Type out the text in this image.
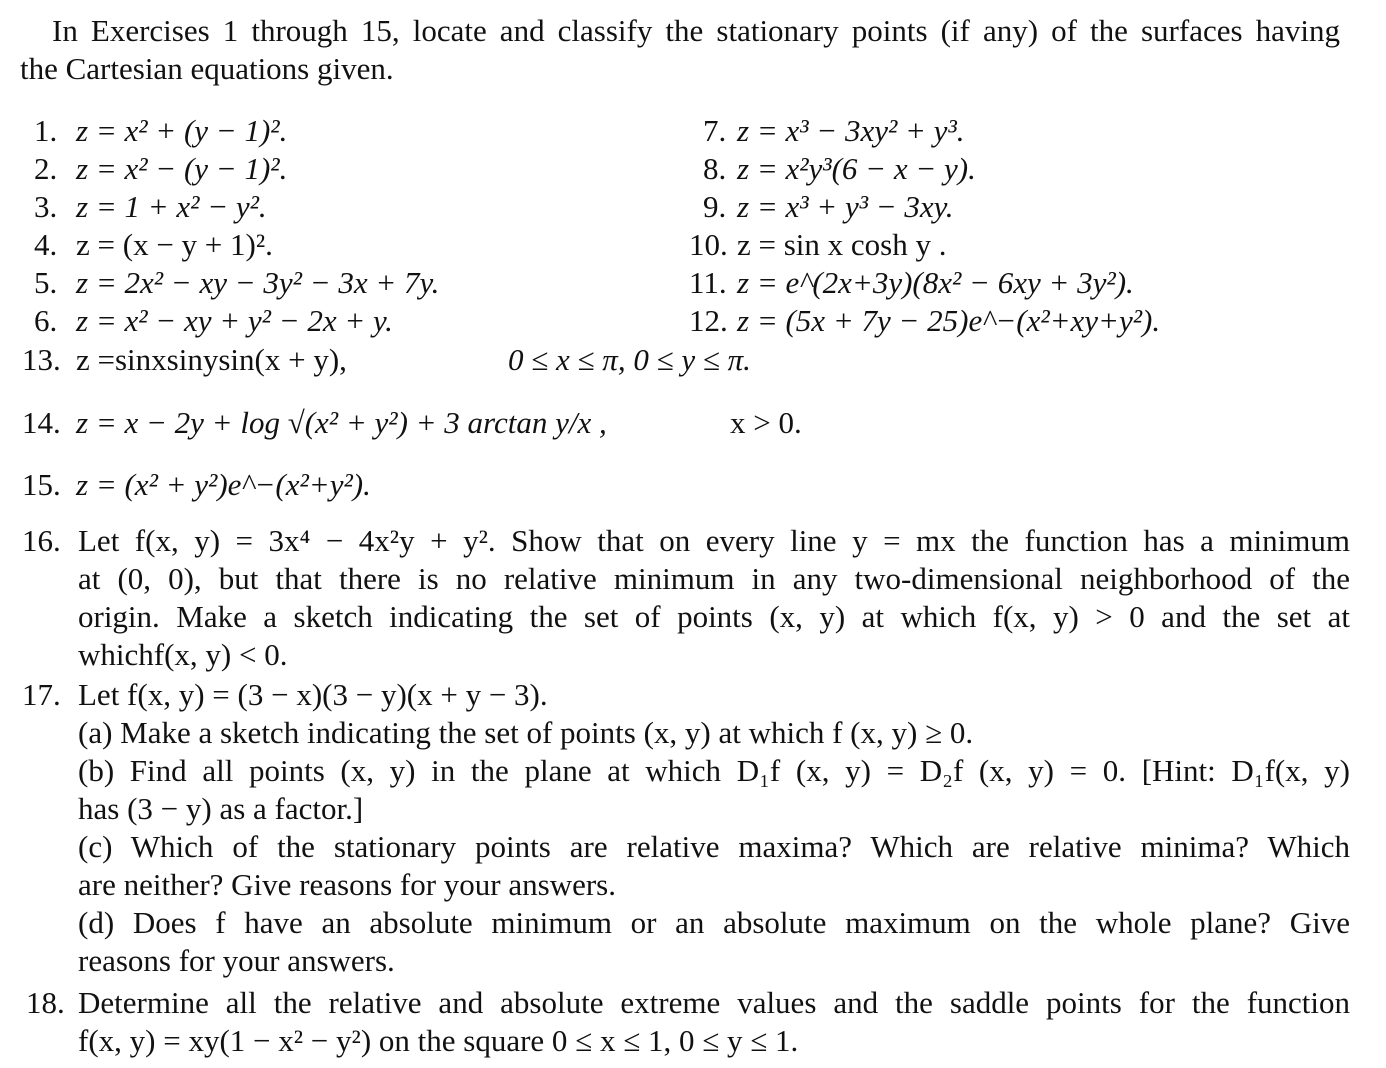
In Exercises 1 through 15, locate and classify the stationary points (if any) of the surfaces having
the Cartesian equations given.
1. z = x² + (y − 1)².
2. z = x² − (y − 1)².
3. z = 1 + x² − y².
4. z = (x − y + 1)².
5. z = 2x² − xy − 3y² − 3x + 7y.
6. z = x² − xy + y² − 2x + y.
7. z = x³ − 3xy² + y³.
8. z = x²y³(6 − x − y).
9. z = x³ + y³ − 3xy.
10. z = sin x cosh y .
11. z = e^(2x+3y)(8x² − 6xy + 3y²).
12. z = (5x + 7y − 25)e^−(x²+xy+y²).
13. z =sinxsinysin(x + y),	0 ≤ x ≤ π, 0 ≤ y ≤ π.
14. z = x − 2y + log √(x² + y²) + 3 arctan y/x ,	x > 0.
15. z = (x² + y²)e^−(x²+y²).
16. Let f(x, y) = 3x⁴ − 4x²y + y². Show that on every line y = mx the function has a minimum
at (0, 0), but that there is no relative minimum in any two-dimensional neighborhood of the
origin. Make a sketch indicating the set of points (x, y) at which f(x, y) > 0 and the set at
whichf(x, y) < 0.
17. Let f(x, y) = (3 − x)(3 − y)(x + y − 3).
(a) Make a sketch indicating the set of points (x, y) at which f (x, y) ≥ 0.
(b) Find all points (x, y) in the plane at which D₁f (x, y) = D₂f (x, y) = 0. [Hint: D₁f(x, y)
has (3 − y) as a factor.]
(c) Which of the stationary points are relative maxima? Which are relative minima? Which
are neither? Give reasons for your answers.
(d) Does f have an absolute minimum or an absolute maximum on the whole plane? Give
reasons for your answers.
18. Determine all the relative and absolute extreme values and the saddle points for the function
f(x, y) = xy(1 − x² − y²) on the square 0 ≤ x ≤ 1, 0 ≤ y ≤ 1.
